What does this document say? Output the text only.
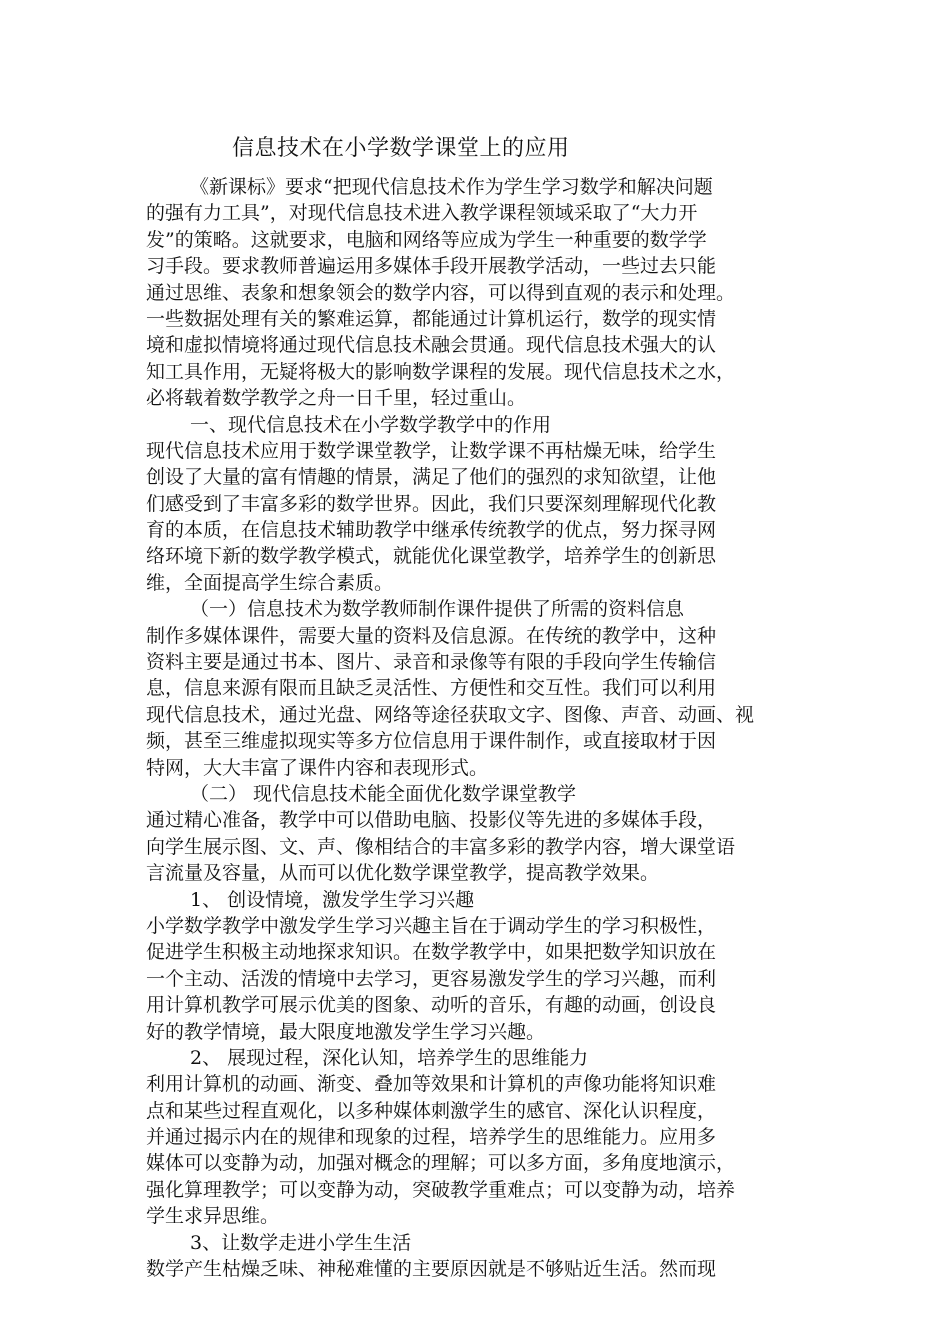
信息技术在小学数学课堂上的应用
《新课标》要求“把现代信息技术作为学生学习数学和解决问题
的强有力工具”，对现代信息技术进入教学课程领域采取了“大力开
发”的策略。这就要求，电脑和网络等应成为学生一种重要的数学学
习手段。要求教师普遍运用多媒体手段开展教学活动，一些过去只能
通过思维、表象和想象领会的数学内容，可以得到直观的表示和处理。
一些数据处理有关的繁难运算，都能通过计算机运行，数学的现实情
境和虚拟情境将通过现代信息技术融会贯通。现代信息技术强大的认
知工具作用，无疑将极大的影响数学课程的发展。现代信息技术之水，
必将载着数学教学之舟一日千里，轻过重山。
一、现代信息技术在小学数学教学中的作用
现代信息技术应用于数学课堂教学，让数学课不再枯燥无味，给学生
创设了大量的富有情趣的情景，满足了他们的强烈的求知欲望，让他
们感受到了丰富多彩的数学世界。因此，我们只要深刻理解现代化教
育的本质，在信息技术辅助教学中继承传统教学的优点，努力探寻网
络环境下新的数学教学模式，就能优化课堂教学，培养学生的创新思
维，全面提高学生综合素质。
（一）信息技术为数学教师制作课件提供了所需的资料信息
制作多媒体课件，需要大量的资料及信息源。在传统的教学中，这种
资料主要是通过书本、图片、录音和录像等有限的手段向学生传输信
息，信息来源有限而且缺乏灵活性、方便性和交互性。我们可以利用
现代信息技术，通过光盘、网络等途径获取文字、图像、声音、动画、视
频，甚至三维虚拟现实等多方位信息用于课件制作，或直接取材于因
特网，大大丰富了课件内容和表现形式。
（二） 现代信息技术能全面优化数学课堂教学
通过精心准备，教学中可以借助电脑、投影仪等先进的多媒体手段，
向学生展示图、文、声、像相结合的丰富多彩的教学内容，增大课堂语
言流量及容量，从而可以优化数学课堂教学，提高教学效果。
1、 创设情境，激发学生学习兴趣
小学数学教学中激发学生学习兴趣主旨在于调动学生的学习积极性，
促进学生积极主动地探求知识。在数学教学中，如果把数学知识放在
一个主动、活泼的情境中去学习，更容易激发学生的学习兴趣，而利
用计算机教学可展示优美的图象、动听的音乐，有趣的动画，创设良
好的教学情境，最大限度地激发学生学习兴趣。
2、 展现过程，深化认知，培养学生的思维能力
利用计算机的动画、渐变、叠加等效果和计算机的声像功能将知识难
点和某些过程直观化，以多种媒体刺激学生的感官、深化认识程度，
并通过揭示内在的规律和现象的过程，培养学生的思维能力。应用多
媒体可以变静为动，加强对概念的理解；可以多方面，多角度地演示，
强化算理教学；可以变静为动，突破教学重难点；可以变静为动，培养
学生求异思维。
3、让数学走进小学生生活
数学产生枯燥乏味、神秘难懂的主要原因就是不够贴近生活。然而现
